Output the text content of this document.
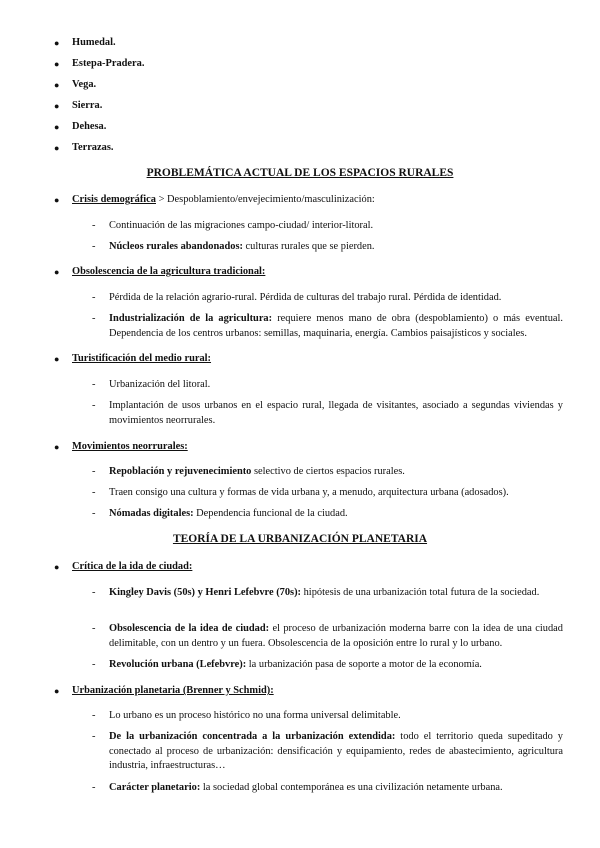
● Humedal.
● Estepa-Pradera.
● Vega.
● Sierra.
● Dehesa.
● Terrazas.
PROBLEMÁTICA ACTUAL DE LOS ESPACIOS RURALES
● Crisis demográfica > Despoblamiento/envejecimiento/masculinización:
- Continuación de las migraciones campo-ciudad/ interior-litoral.
- Núcleos rurales abandonados: culturas rurales que se pierden.
● Obsolescencia de la agricultura tradicional:
- Pérdida de la relación agrario-rural. Pérdida de culturas del trabajo rural. Pérdida de identidad.
- Industrialización de la agricultura: requiere menos mano de obra (despoblamiento) o más eventual. Dependencia de los centros urbanos: semillas, maquinaria, energía. Cambios paisajísticos y sociales.
● Turistificación del medio rural:
- Urbanización del litoral.
- Implantación de usos urbanos en el espacio rural, llegada de visitantes, asociado a segundas viviendas y movimientos neorrurales.
● Movimientos neorrurales:
- Repoblación y rejuvenecimiento selectivo de ciertos espacios rurales.
- Traen consigo una cultura y formas de vida urbana y, a menudo, arquitectura urbana (adosados).
- Nómadas digitales: Dependencia funcional de la ciudad.
TEORÍA DE LA URBANIZACIÓN PLANETARIA
● Crítica de la ida de ciudad:
- Kingley Davis (50s) y Henri Lefebvre (70s): hipótesis de una urbanización total futura de la sociedad.
- Obsolescencia de la idea de ciudad: el proceso de urbanización moderna barre con la idea de una ciudad delimitable, con un dentro y un fuera. Obsolescencia de la oposición entre lo rural y lo urbano.
- Revolución urbana (Lefebvre): la urbanización pasa de soporte a motor de la economía.
● Urbanización planetaria (Brenner y Schmid):
- Lo urbano es un proceso histórico no una forma universal delimitable.
- De la urbanización concentrada a la urbanización extendida: todo el territorio queda supeditado y conectado al proceso de urbanización: densificación y equipamiento, redes de abastecimiento, agricultura industria, infraestructuras…
- Carácter planetario: la sociedad global contemporánea es una civilización netamente urbana.
